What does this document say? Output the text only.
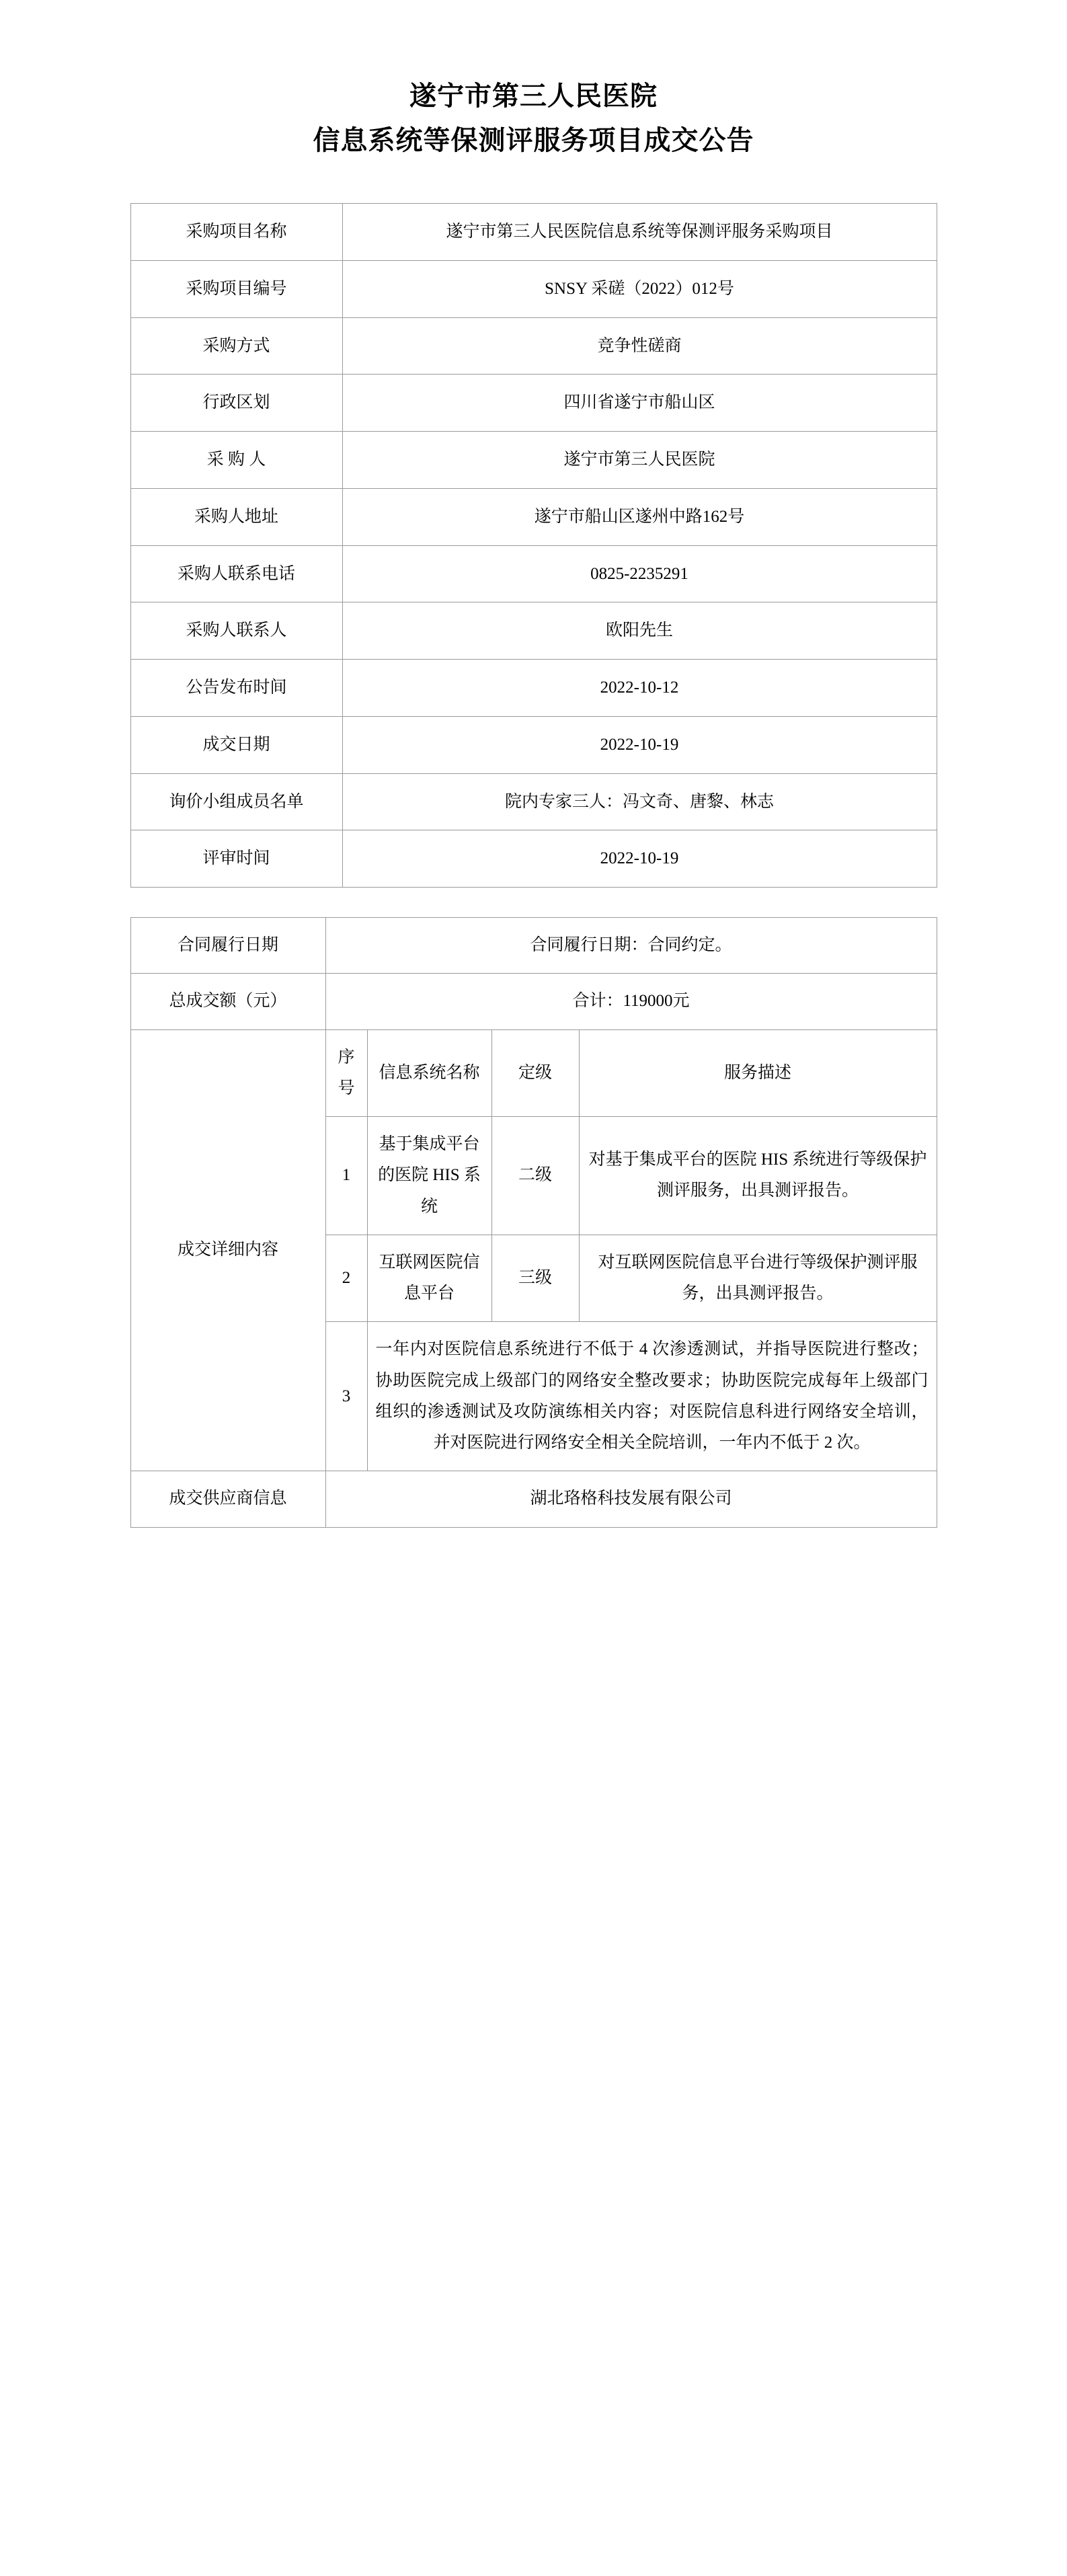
遂宁市第三人民医院
信息系统等保测评服务项目成交公告
采购项目名称	遂宁市第三人民医院信息系统等保测评服务采购项目
采购项目编号	SNSY 采磋（2022）012号
采购方式	竞争性磋商
行政区划	四川省遂宁市船山区
采 购 人	遂宁市第三人民医院
采购人地址	遂宁市船山区遂州中路162号
采购人联系电话	0825-2235291
采购人联系人	欧阳先生
公告发布时间	2022-10-12
成交日期	2022-10-19
询价小组成员名单	院内专家三人：冯文奇、唐黎、林志
评审时间	2022-10-19
合同履行日期	合同履行日期：合同约定。			
总成交额（元）	合计：119000元			
成交详细内容	序号	信息系统名称	定级	服务描述
	1	基于集成平台的医院 HIS 系统	二级	对基于集成平台的医院 HIS 系统进行等级保护测评服务，出具测评报告。
	2	互联网医院信息平台	三级	对互联网医院信息平台进行等级保护测评服务，出具测评报告。
	3	一年内对医院信息系统进行不低于 4 次渗透测试，并指导医院进行整改；协助医院完成上级部门的网络安全整改要求；协助医院完成每年上级部门组织的渗透测试及攻防演练相关内容；对医院信息科进行网络安全培训，并对医院进行网络安全相关全院培训，一年内不低于 2 次。		
成交供应商信息	湖北珞格科技发展有限公司			
